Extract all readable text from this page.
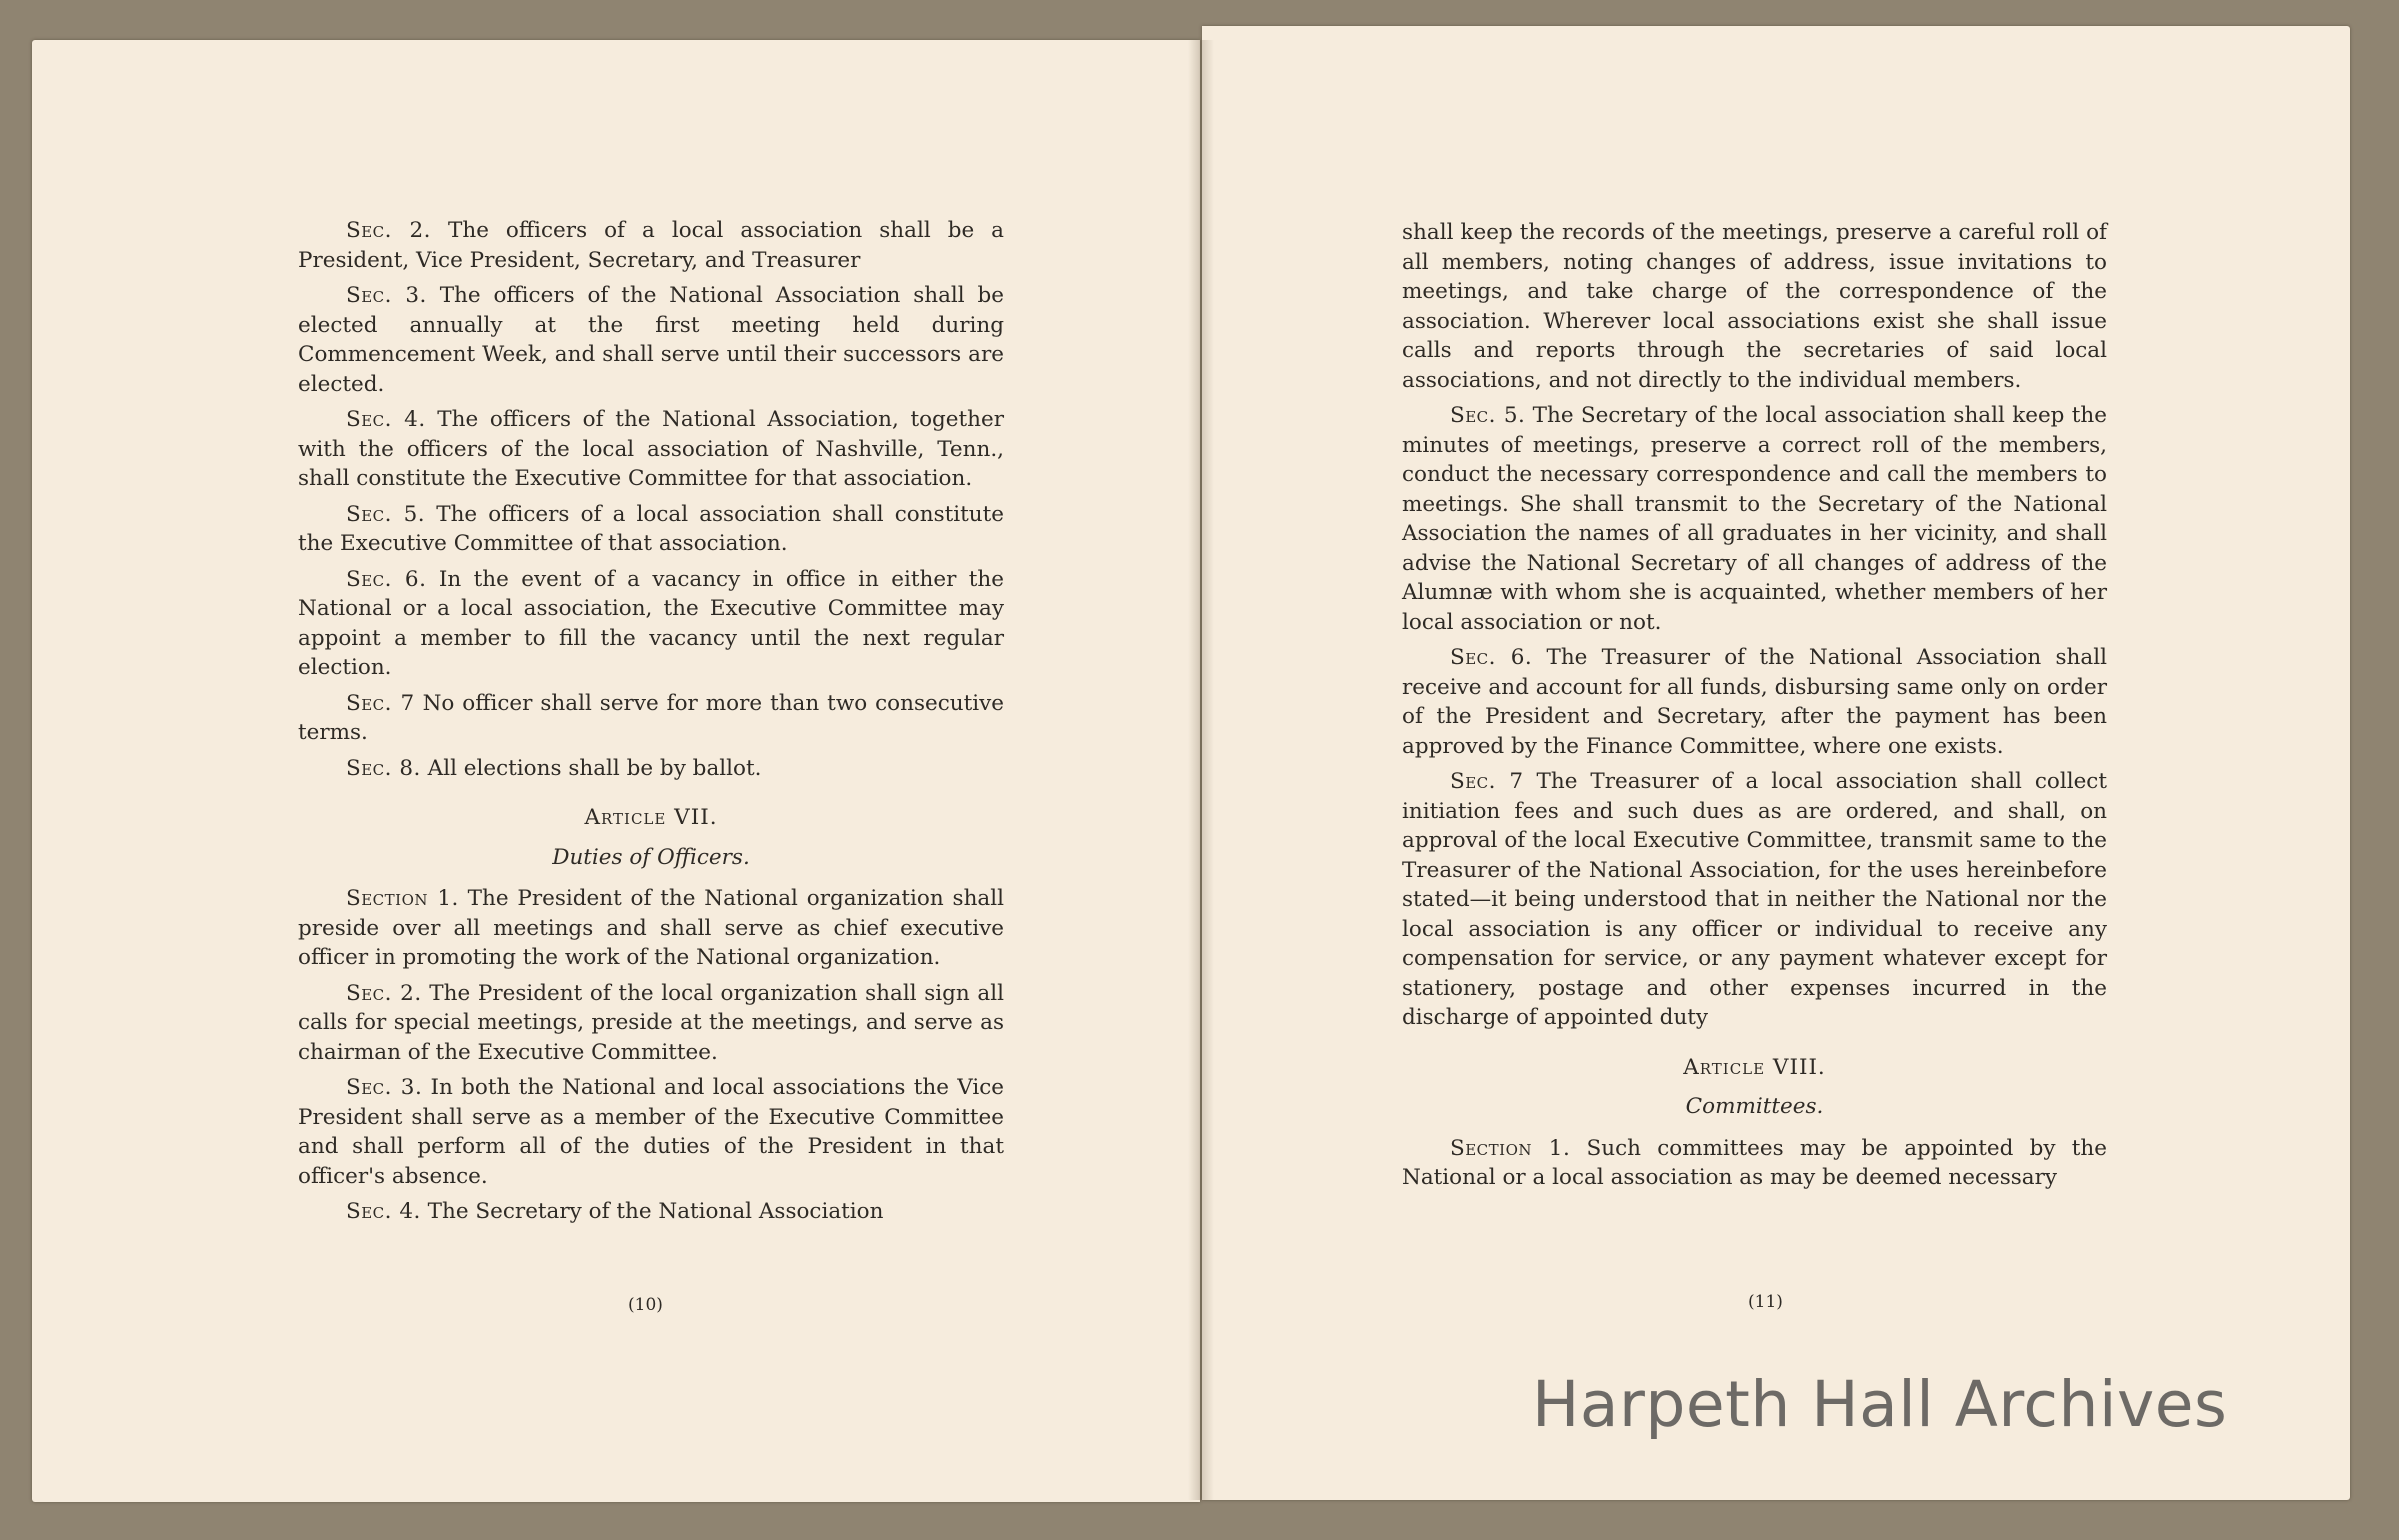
Sec. 2. The officers of a local association shall be a President, Vice President, Secretary, and Treasurer

Sec. 3. The officers of the National Association shall be elected annually at the first meeting held during Commencement Week, and shall serve until their successors are elected.

Sec. 4. The officers of the National Association, together with the officers of the local association of Nashville, Tenn., shall constitute the Executive Committee for that association.

Sec. 5. The officers of a local association shall constitute the Executive Committee of that association.

Sec. 6. In the event of a vacancy in office in either the National or a local association, the Executive Committee may appoint a member to fill the vacancy until the next regular election.

Sec. 7 No officer shall serve for more than two consecutive terms.

Sec. 8. All elections shall be by ballot.

Article VII.
Duties of Officers.

Section 1. The President of the National organization shall preside over all meetings and shall serve as chief executive officer in promoting the work of the National organization.

Sec. 2. The President of the local organization shall sign all calls for special meetings, preside at the meetings, and serve as chairman of the Executive Committee.

Sec. 3. In both the National and local associations the Vice President shall serve as a member of the Executive Committee and shall perform all of the duties of the President in that officer's absence.

Sec. 4. The Secretary of the National Association

(10)

shall keep the records of the meetings, preserve a careful roll of all members, noting changes of address, issue invitations to meetings, and take charge of the correspondence of the association. Wherever local associations exist she shall issue calls and reports through the secretaries of said local associations, and not directly to the individual members.

Sec. 5. The Secretary of the local association shall keep the minutes of meetings, preserve a correct roll of the members, conduct the necessary correspondence and call the members to meetings. She shall transmit to the Secretary of the National Association the names of all graduates in her vicinity, and shall advise the National Secretary of all changes of address of the Alumnæ with whom she is acquainted, whether members of her local association or not.

Sec. 6. The Treasurer of the National Association shall receive and account for all funds, disbursing same only on order of the President and Secretary, after the payment has been approved by the Finance Committee, where one exists.

Sec. 7 The Treasurer of a local association shall collect initiation fees and such dues as are ordered, and shall, on approval of the local Executive Committee, transmit same to the Treasurer of the National Association, for the uses hereinbefore stated—it being understood that in neither the National nor the local association is any officer or individual to receive any compensation for service, or any payment whatever except for stationery, postage and other expenses incurred in the discharge of appointed duty

Article VIII.
Committees.

Section 1. Such committees may be appointed by the National or a local association as may be deemed necessary

(11)
Harpeth Hall Archives
